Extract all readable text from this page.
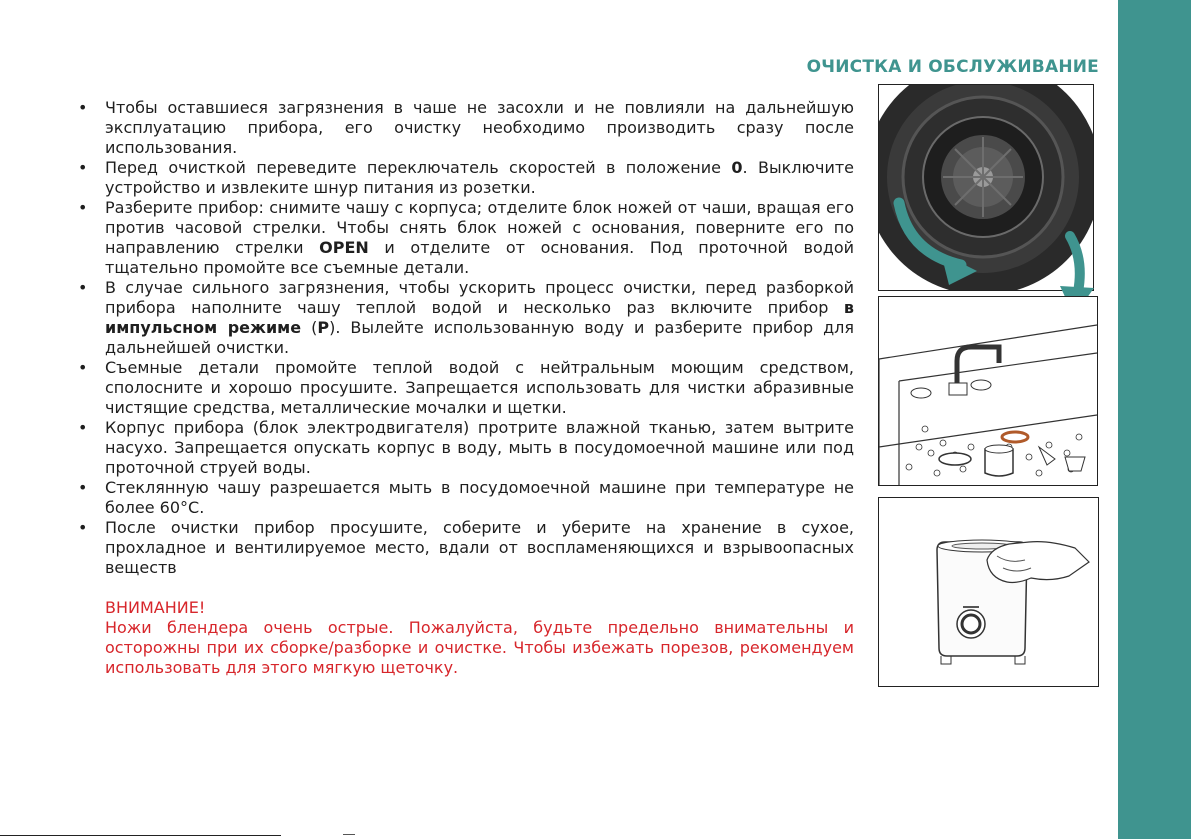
ОЧИСТКА И ОБСЛУЖИВАНИЕ
• Чтобы оставшиеся загрязнения в чаше не засохли и не повлияли на дальнейшую эксплуатацию прибора, его очистку необходимо производить сразу после использования.
• Перед очисткой переведите переключатель скоростей в положение 0. Выключите устройство и извлеките шнур питания из розетки.
• Разберите прибор: снимите чашу с корпуса; отделите блок ножей от чаши, вращая его против часовой стрелки. Чтобы снять блок ножей с основания, поверните его по направлению стрелки OPEN и отделите от основания. Под проточной водой тщательно промойте все съемные детали.
• В случае сильного загрязнения, чтобы ускорить процесс очистки, перед разборкой прибора наполните чашу теплой водой и несколько раз включите прибор в импульсном режиме (P). Вылейте использованную воду и разберите прибор для дальнейшей очистки.
• Съемные детали промойте теплой водой с нейтральным моющим средством, сполосните и хорошо просушите. Запрещается использовать для чистки абразивные чистящие средства, металлические мочалки и щетки.
• Корпус прибора (блок электродвигателя) протрите влажной тканью, затем вытрите насухо. Запрещается опускать корпус в воду, мыть в посудомоечной машине или под проточной струей воды.
• Стеклянную чашу разрешается мыть в посудомоечной машине при температуре не более 60°С.
• После очистки прибор просушите, соберите и уберите на хранение в сухое, прохладное и вентилируемое место, вдали от воспламеняющихся и взрывоопасных веществ
ВНИМАНИЕ!
Ножи блендера очень острые. Пожалуйста, будьте предельно внимательны и осторожны при их сборке/разборке и очистке. Чтобы избежать порезов, рекомендуем использовать для этого мягкую щеточку.
